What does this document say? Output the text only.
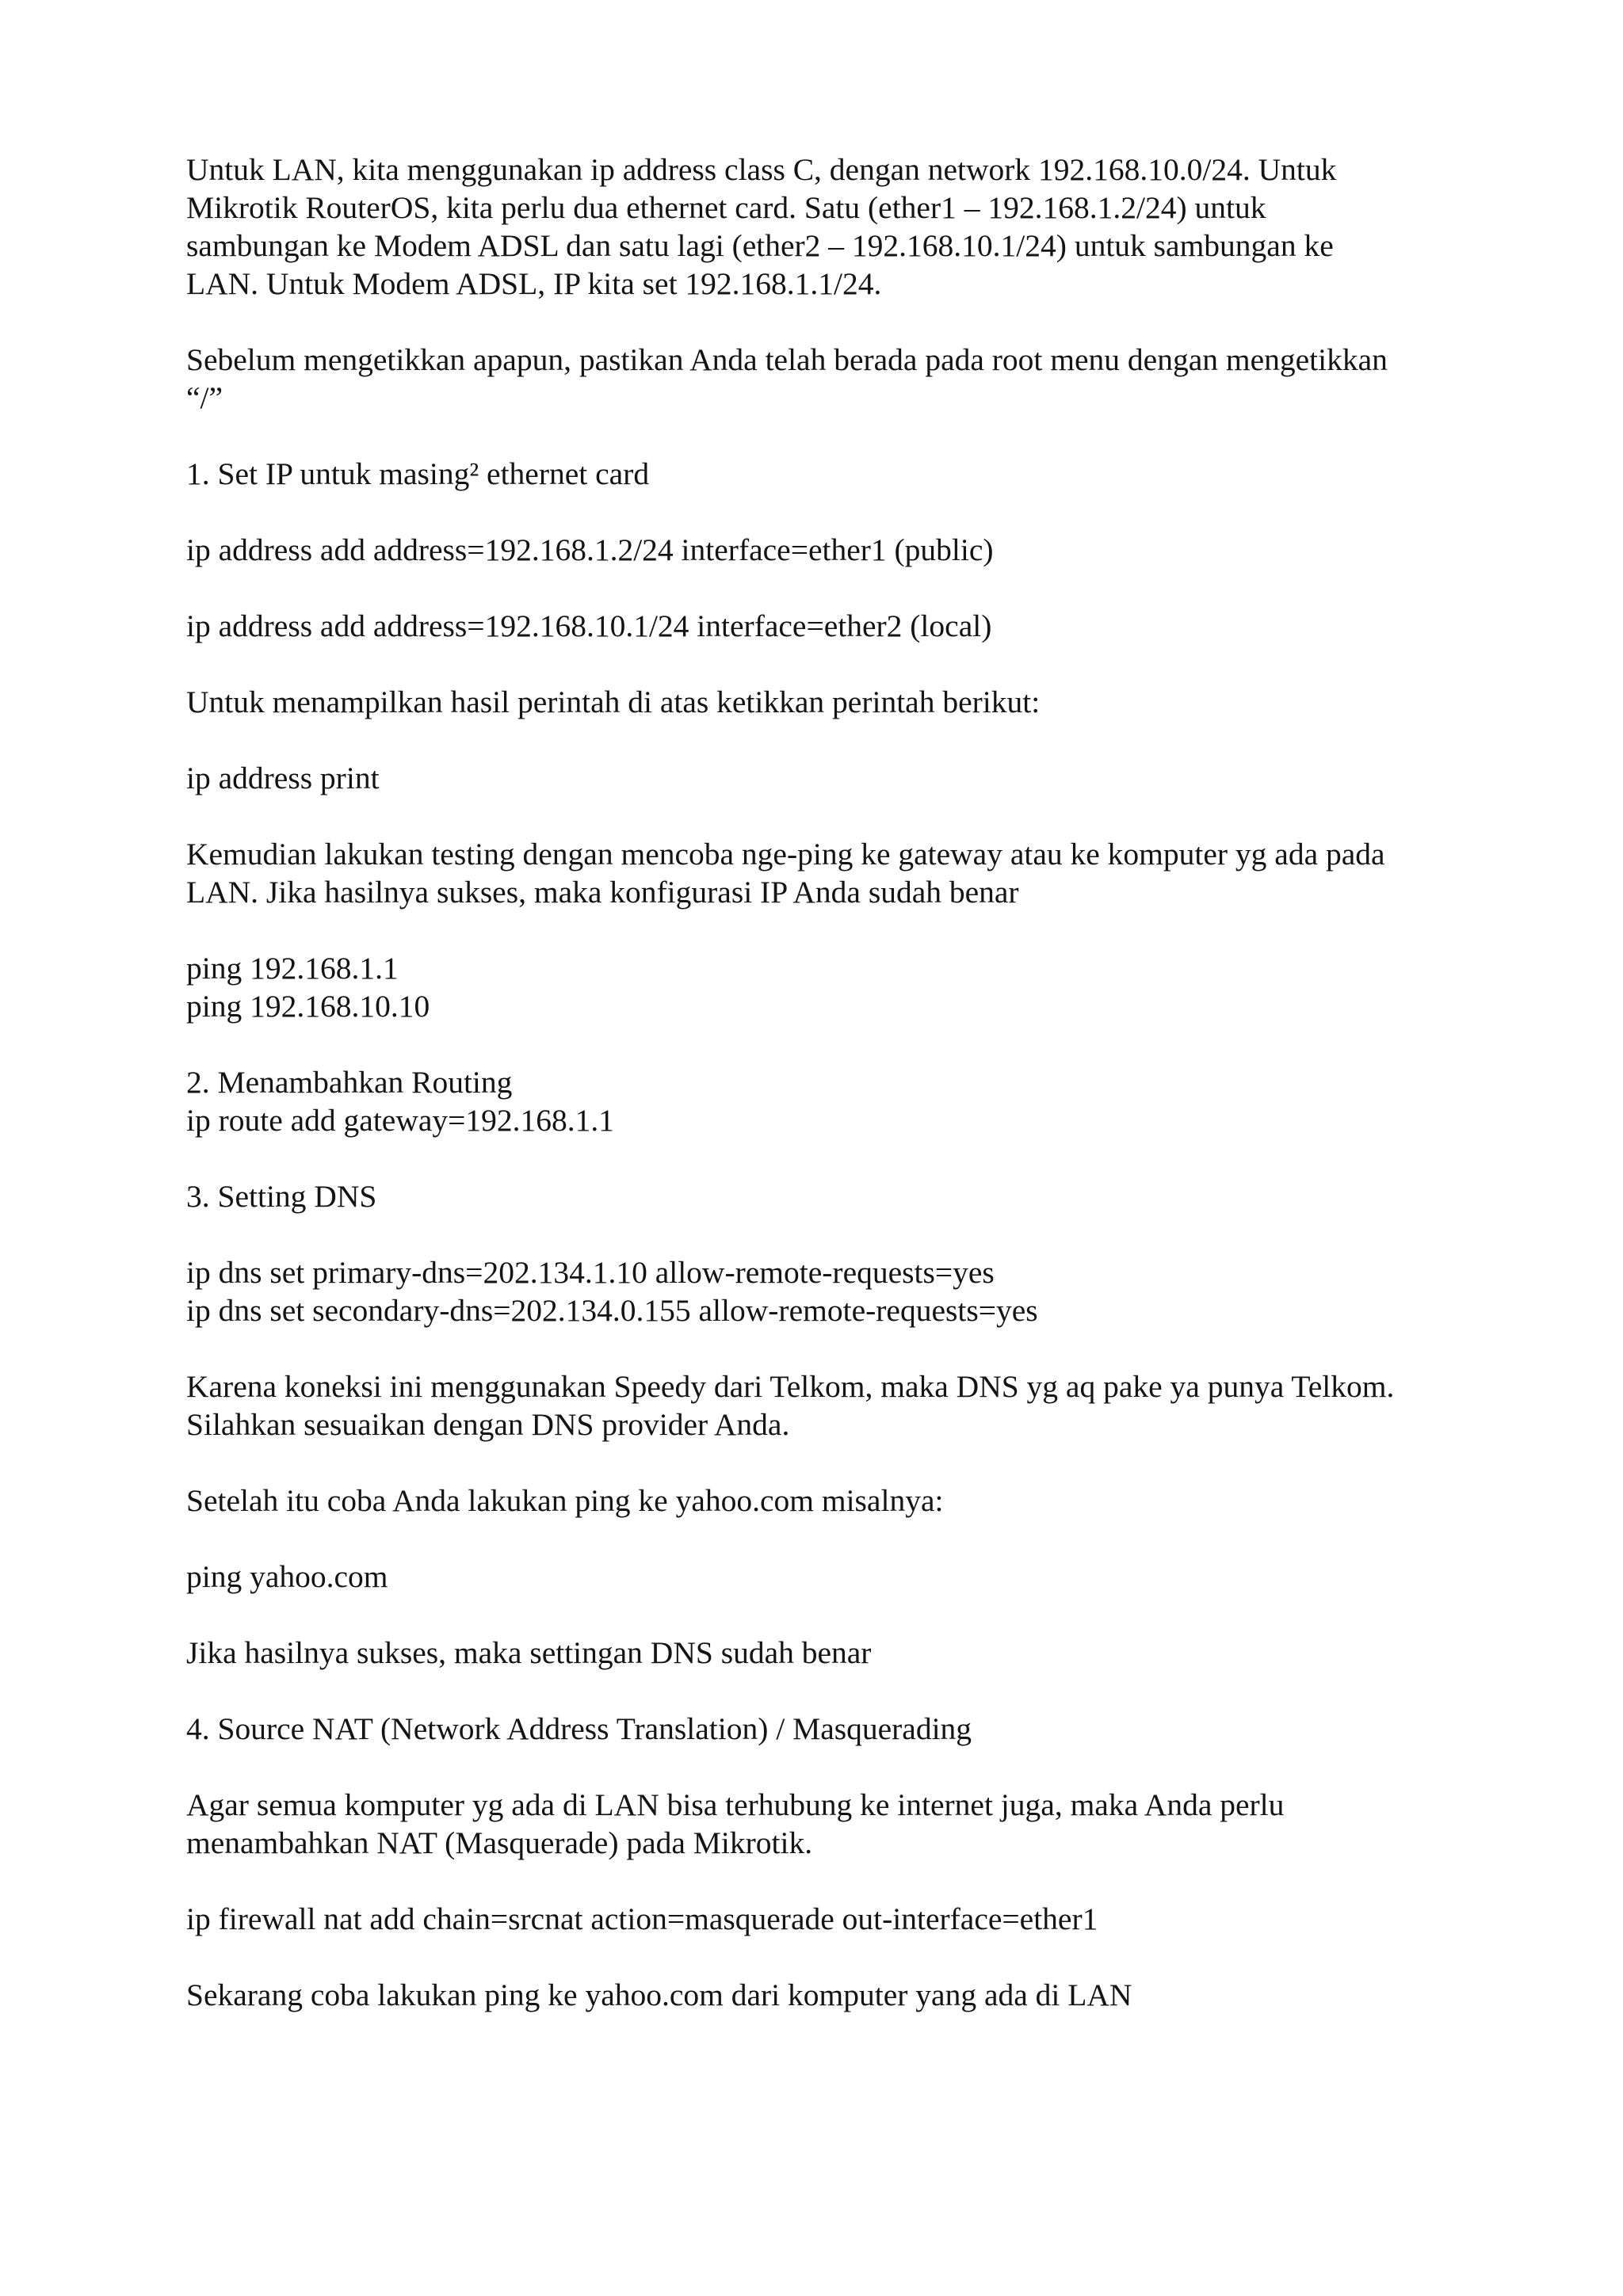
Untuk LAN, kita menggunakan ip address class C, dengan network 192.168.10.0/24. Untuk
Mikrotik RouterOS, kita perlu dua ethernet card. Satu (ether1 – 192.168.1.2/24) untuk
sambungan ke Modem ADSL dan satu lagi (ether2 – 192.168.10.1/24) untuk sambungan ke
LAN. Untuk Modem ADSL, IP kita set 192.168.1.1/24.

Sebelum mengetikkan apapun, pastikan Anda telah berada pada root menu dengan mengetikkan
“/”

1. Set IP untuk masing² ethernet card

ip address add address=192.168.1.2/24 interface=ether1 (public)

ip address add address=192.168.10.1/24 interface=ether2 (local)

Untuk menampilkan hasil perintah di atas ketikkan perintah berikut:

ip address print

Kemudian lakukan testing dengan mencoba nge-ping ke gateway atau ke komputer yg ada pada
LAN. Jika hasilnya sukses, maka konfigurasi IP Anda sudah benar

ping 192.168.1.1
ping 192.168.10.10

2. Menambahkan Routing
ip route add gateway=192.168.1.1

3. Setting DNS

ip dns set primary-dns=202.134.1.10 allow-remote-requests=yes
ip dns set secondary-dns=202.134.0.155 allow-remote-requests=yes

Karena koneksi ini menggunakan Speedy dari Telkom, maka DNS yg aq pake ya punya Telkom.
Silahkan sesuaikan dengan DNS provider Anda.

Setelah itu coba Anda lakukan ping ke yahoo.com misalnya:

ping yahoo.com

Jika hasilnya sukses, maka settingan DNS sudah benar

4. Source NAT (Network Address Translation) / Masquerading

Agar semua komputer yg ada di LAN bisa terhubung ke internet juga, maka Anda perlu
menambahkan NAT (Masquerade) pada Mikrotik.

ip firewall nat add chain=srcnat action=masquerade out-interface=ether1

Sekarang coba lakukan ping ke yahoo.com dari komputer yang ada di LAN
